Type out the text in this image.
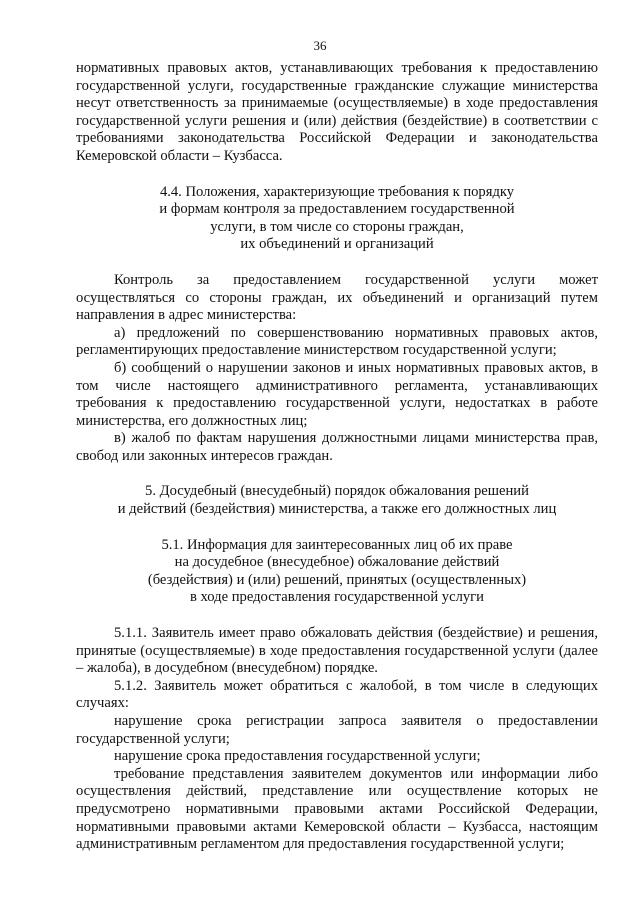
36

нормативных правовых актов, устанавливающих требования к предоставлению государственной услуги, государственные гражданские служащие министерства несут ответственность за принимаемые (осуществляемые) в ходе предоставления государственной услуги решения и (или) действия (бездействие) в соответствии с требованиями законодательства Российской Федерации и законодательства Кемеровской области – Кузбасса.

4.4. Положения, характеризующие требования к порядку

и формам контроля за предоставлением государственной

услуги, в том числе со стороны граждан,

их объединений и организаций

Контроль за предоставлением государственной услуги может осуществляться со стороны граждан, их объединений и организаций путем направления в адрес министерства:

а) предложений по совершенствованию нормативных правовых актов, регламентирующих предоставление министерством государственной услуги;

б) сообщений о нарушении законов и иных нормативных правовых актов, в том числе настоящего административного регламента, устанавливающих требования к предоставлению государственной услуги, недостатках в работе министерства, его должностных лиц;

в) жалоб по фактам нарушения должностными лицами министерства прав, свобод или законных интересов граждан.

5. Досудебный (внесудебный) порядок обжалования решений

и действий (бездействия) министерства, а также его должностных лиц

5.1. Информация для заинтересованных лиц об их праве

на досудебное (внесудебное) обжалование действий

(бездействия) и (или) решений, принятых (осуществленных)

в ходе предоставления государственной услуги

5.1.1. Заявитель имеет право обжаловать действия (бездействие) и решения, принятые (осуществляемые) в ходе предоставления государственной услуги (далее – жалоба), в досудебном (внесудебном) порядке.

5.1.2. Заявитель может обратиться с жалобой, в том числе в следующих случаях:

нарушение срока регистрации запроса заявителя о предоставлении государственной услуги;

нарушение срока предоставления государственной услуги;

требование представления заявителем документов или информации либо осуществления действий, представление или осуществление которых не предусмотрено нормативными правовыми актами Российской Федерации, нормативными правовыми актами Кемеровской области – Кузбасса, настоящим административным регламентом для предоставления государственной услуги;
